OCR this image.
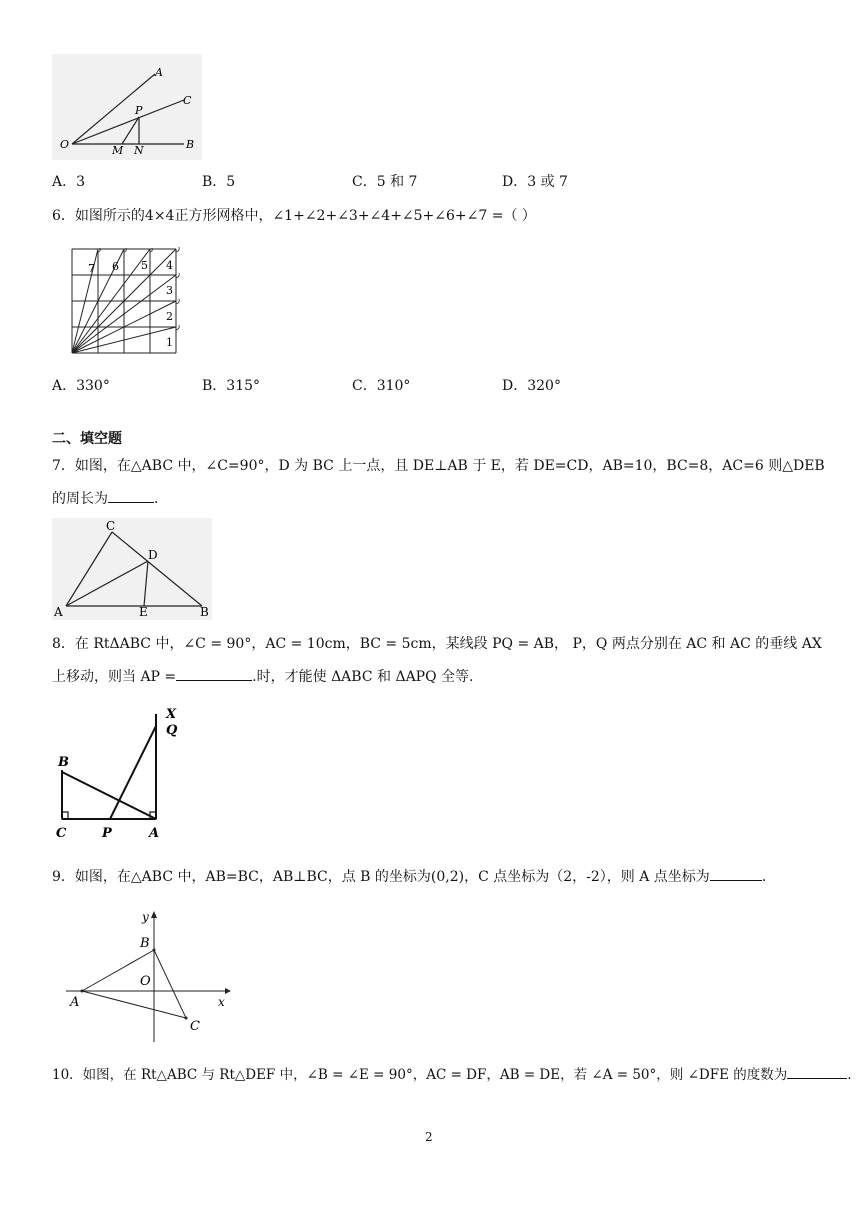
A
C
P
O	M N	B
A．3	B．5	C．5 和 7	D．3 或 7
6．如图所示的4×4正方形网格中，∠1+∠2+∠3+∠4+∠5+∠6+∠7 =（ ）
1
2
3
4
5
6
7
A．330°	B．315°	C．310°	D．320°
二、填空题
7．如图，在△ABC 中，∠C=90°，D 为 BC 上一点，且 DE⊥AB 于 E，若 DE=CD，AB=10，BC=8，AC=6 则△DEB
的周长为	.
C
D
A	E	B
8．在 RtΔABC 中，∠C = 90°，AC = 10cm，BC = 5cm，某线段 PQ = AB， P，Q 两点分别在 AC 和 AC 的垂线 AX
上移动，则当 AP =	.时，才能使 ΔABC 和 ΔAPQ 全等.
X
Q
B
C	P	A
9．如图，在△ABC 中，AB=BC，AB⊥BC，点 B 的坐标为(0,2)，C 点坐标为（2，-2），则 A 点坐标为	.
y
B
O
A	x
C
10．如图，在 Rt△ABC 与 Rt△DEF 中，∠B = ∠E = 90°，AC = DF，AB = DE，若 ∠A = 50°，则 ∠DFE 的度数为	.
2
